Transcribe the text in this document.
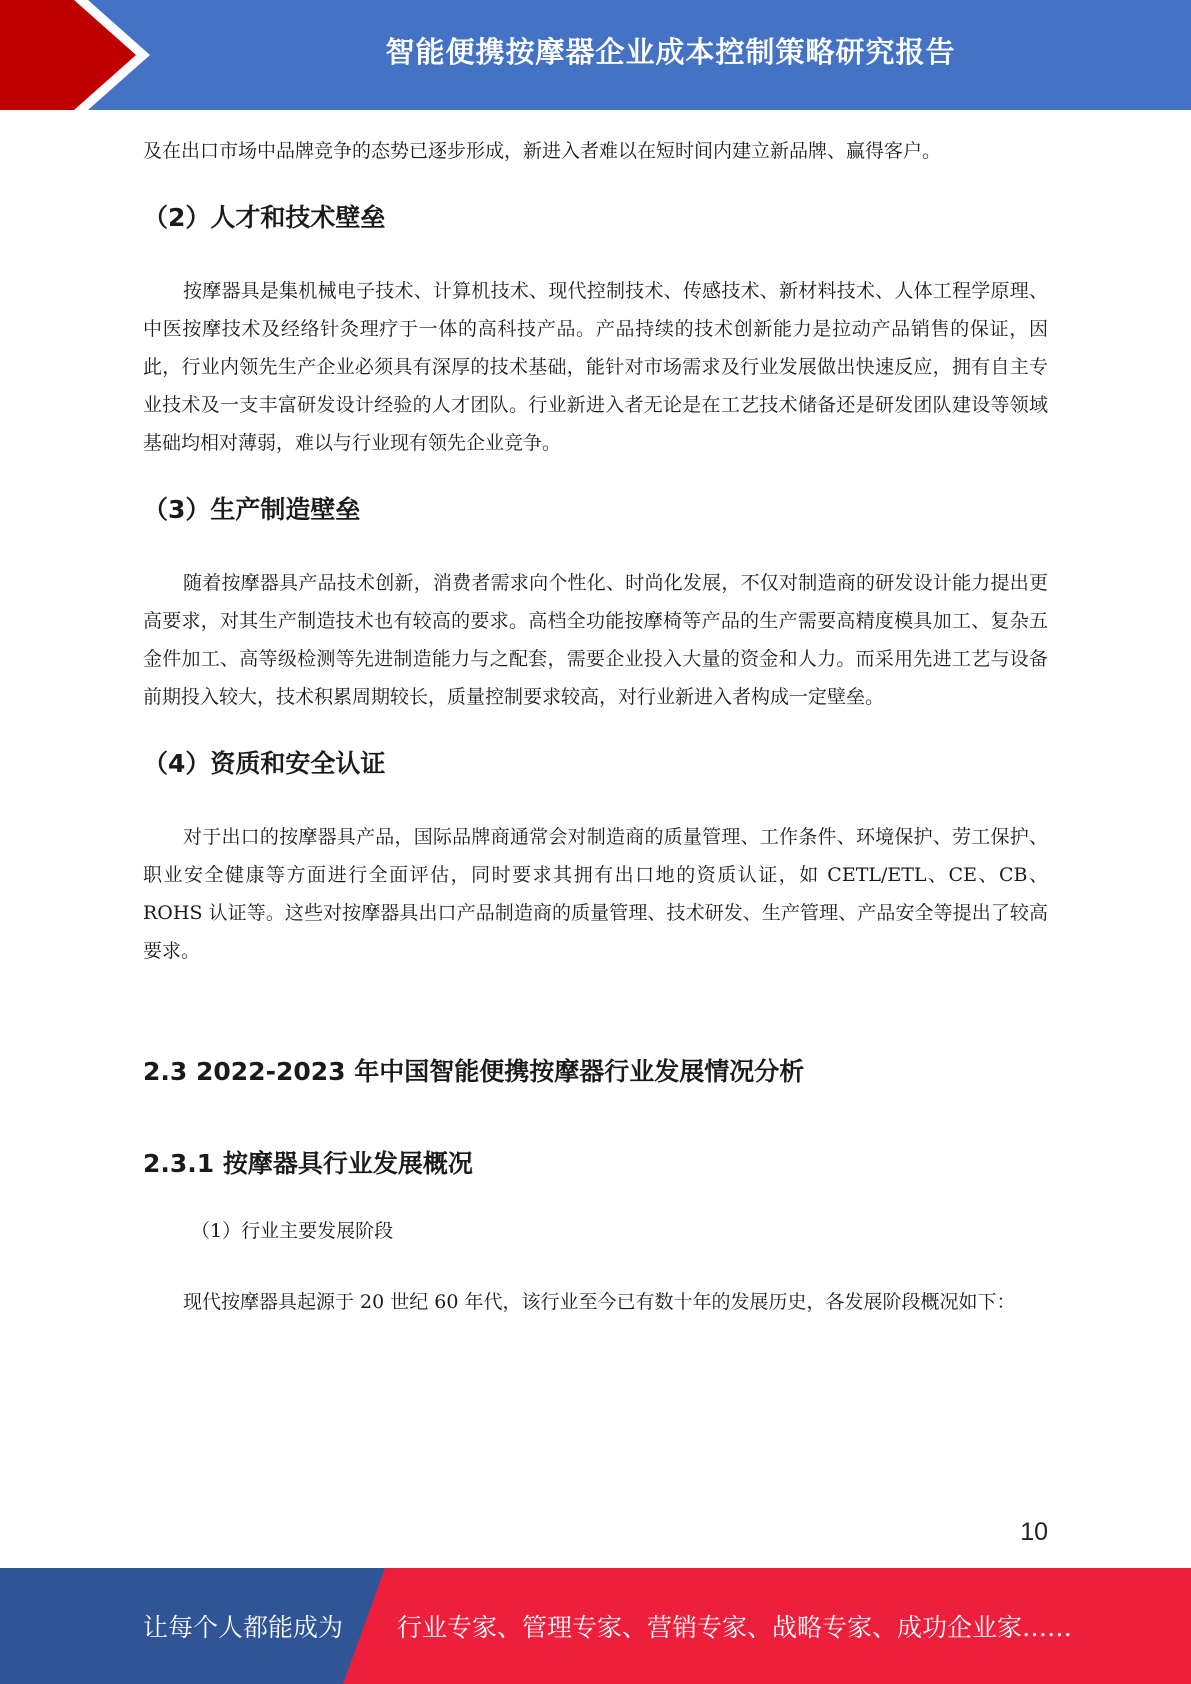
智能便携按摩器企业成本控制策略研究报告

及在出口市场中品牌竞争的态势已逐步形成，新进入者难以在短时间内建立新品牌、赢得客户。

（2）人才和技术壁垒

按摩器具是集机械电子技术、计算机技术、现代控制技术、传感技术、新材料技术、人体工程学原理、中医按摩技术及经络针灸理疗于一体的高科技产品。产品持续的技术创新能力是拉动产品销售的保证，因此，行业内领先生产企业必须具有深厚的技术基础，能针对市场需求及行业发展做出快速反应，拥有自主专业技术及一支丰富研发设计经验的人才团队。行业新进入者无论是在工艺技术储备还是研发团队建设等领域基础均相对薄弱，难以与行业现有领先企业竞争。

（3）生产制造壁垒

随着按摩器具产品技术创新，消费者需求向个性化、时尚化发展，不仅对制造商的研发设计能力提出更高要求，对其生产制造技术也有较高的要求。高档全功能按摩椅等产品的生产需要高精度模具加工、复杂五金件加工、高等级检测等先进制造能力与之配套，需要企业投入大量的资金和人力。而采用先进工艺与设备前期投入较大，技术积累周期较长，质量控制要求较高，对行业新进入者构成一定壁垒。

（4）资质和安全认证

对于出口的按摩器具产品，国际品牌商通常会对制造商的质量管理、工作条件、环境保护、劳工保护、职业安全健康等方面进行全面评估，同时要求其拥有出口地的资质认证，如 CETL/ETL、CE、CB、ROHS 认证等。这些对按摩器具出口产品制造商的质量管理、技术研发、生产管理、产品安全等提出了较高要求。

2.3 2022-2023 年中国智能便携按摩器行业发展情况分析

2.3.1 按摩器具行业发展概况

（1）行业主要发展阶段

现代按摩器具起源于 20 世纪 60 年代，该行业至今已有数十年的发展历史，各发展阶段概况如下：

10
让每个人都能成为 行业专家、管理专家、营销专家、战略专家、成功企业家……
